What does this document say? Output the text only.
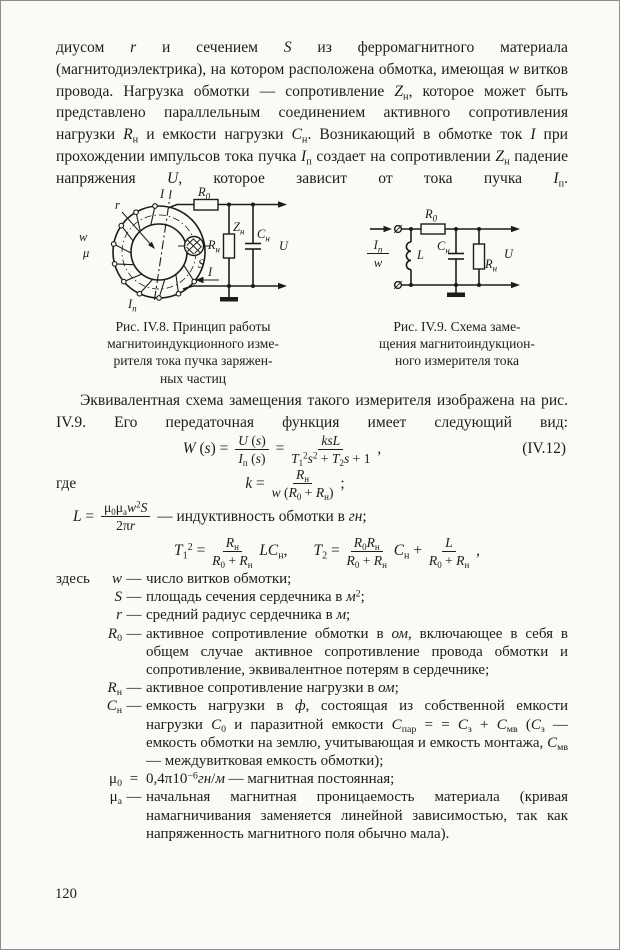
диусом r и сечением S из ферромагнитного материала (магнитодиэлектрика), на котором расположена обмотка, имеющая w витков провода. Нагрузка обмотки — сопротивление $Z_н$, которое может быть представлено параллельным соединением активного сопротивления нагрузки $R_н$ и емкости нагрузки $C_н$. Возникающий в обмотке ток I при прохождении импульсов тока пучка $I_п$ создает на сопротивлении $Z_н$ падение напряжения U, которое зависит от тока пучка $I_п$.

r
w
μ
I
$I_п$
S
$R_0$
$Z_н$
$R_н$
$C_н$
U
I
$I_п$
w
L
$R_0$
$C_н$
$R_н$
U
Рис. IV.8. Принцип работы
магнитоиндукционного изме-
рителя тока пучка заряжен-
ных частиц
Рис. IV.9. Схема заме-
щения магнитоиндукцион-
ного измерителя тока

Эквивалентная схема замещения такого измерителя изображена на рис. IV.9. Его передаточная функция имеет следующий вид:

W $(s) = \frac{U (s)}{I_п (s)} = \frac{\text{ksL}}{T_1^2s^2 + T_2s + 1}$ ,	(IV.12)
где	$k = \frac{R_н}{w (R_0 + R_н)}$ ;
$L = \frac{\mu_0\mu_аw^2S}{2\pi r}$ — индуктивность обмотки в гн;
$T_1^2 = \frac{R_н}{R_0 + R_н} LC_н$, $T_2 = \frac{R_0R_н}{R_0 + R_н} C_н + \frac{L}{R_0 + R_н}$ ,
здесь	w — число витков обмотки;
S — площадь сечения сердечника в $м^2$;
r — средний радиус сердечника в м;
$R_0$ — активное сопротивление обмотки в ом, включающее в себя в общем случае активное сопротивление провода обмотки и сопротивление, эквивалентное потерям в сердечнике;
$R_н$ — активное сопротивление нагрузки в ом;
$C_н$ — емкость нагрузки в ф, состоящая из собственной емкости нагрузки $C_0$ и паразитной емкости $C_{пар}$ = = $C_з + C_{мв}$ ($C_з$ — емкость обмотки на землю, учитывающая и емкость монтажа, $C_{мв}$ — междувитковая емкость обмотки);
$\mu_0 = 0,4\pi 10^{-6}гн/м$ — магнитная постоянная;
$\mu_а$ — начальная магнитная проницаемость материала (кривая намагничивания заменяется линейной зависимостью, так как напряженность магнитного поля обычно мала).
120
